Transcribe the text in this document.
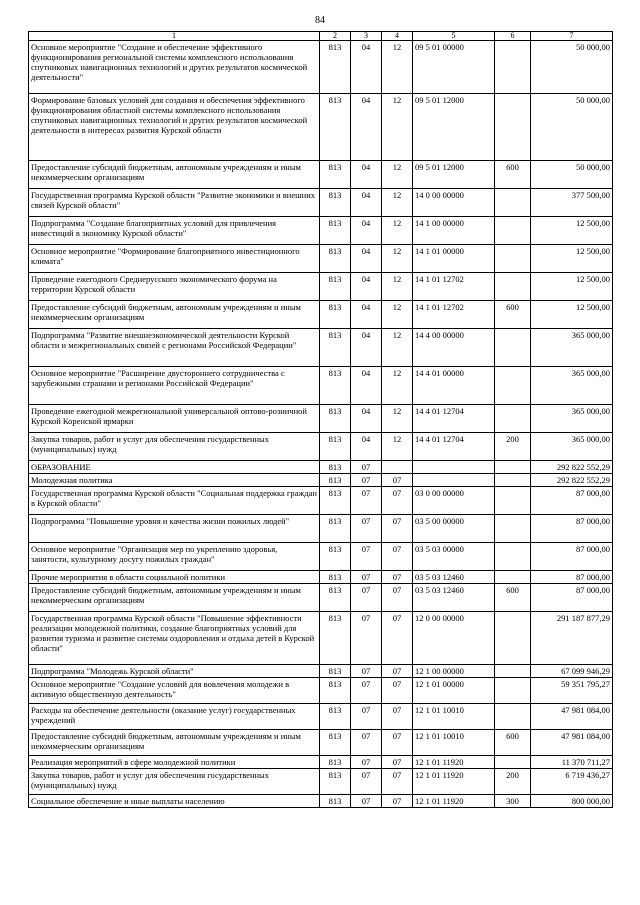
84
1	2	3	4	5	6	7
Основное мероприятие "Создание и обеспечение эффективного функционирования региональной системы комплексного использования спутниковых навигационных технологий и других результатов космической деятельности"	813	04	12	09 5 01 00000		50 000,00
Формирование базовых условий для создания и обеспечения эффективного функционирования областной системы комплексного использования спутниковых навигационных технологий и других результатов космической деятельности в интересах развития Курской области	813	04	12	09 5 01 12000		50 000,00
Предоставление субсидий бюджетным, автономным учреждениям и иным некоммерческим организациям	813	04	12	09 5 01 12000	600	50 000,00
Государственная программа Курской области "Развитие экономики и внешних связей Курской области"	813	04	12	14 0 00 00000		377 500,00
Подпрограмма "Создание благоприятных условий для привлечения инвестиций в экономику Курской области"	813	04	12	14 1 00 00000		12 500,00
Основное мероприятие "Формирование благоприятного инвестиционного климата"	813	04	12	14 1 01 00000		12 500,00
Проведение ежегодного Среднерусского экономического форума на территории Курской области	813	04	12	14 1 01 12702		12 500,00
Предоставление субсидий бюджетным, автономным учреждениям и иным некоммерческим организациям	813	04	12	14 1 01 12702	600	12 500,00
Подпрограмма "Развитие внешнеэкономической деятельности Курской области и межрегиональных связей с регионами Российской Федерации"	813	04	12	14 4 00 00000		365 000,00
Основное мероприятие "Расширение двустороннего сотрудничества с зарубежными странами и регионами Российской Федерации"	813	04	12	14 4 01 00000		365 000,00
Проведение ежегодной межрегиональной универсальной оптово-розничной Курской Коренской ярмарки	813	04	12	14 4 01 12704		365 000,00
Закупка товаров, работ и услуг для обеспечения государственных (муниципальных) нужд	813	04	12	14 4 01 12704	200	365 000,00
ОБРАЗОВАНИЕ	813	07				292 822 552,29
Молодежная политика	813	07	07			292 822 552,29
Государственная программа Курской области "Социальная поддержка граждан в Курской области"	813	07	07	03 0 00 00000		87 000,00
Подпрограмма "Повышение уровня и качества жизни пожилых людей"	813	07	07	03 5 00 00000		87 000,00
Основное мероприятие "Организация мер по укреплению здоровья, занятости, культурному досугу пожилых граждан"	813	07	07	03 5 03 00000		87 000,00
Прочие мероприятия в области социальной политики	813	07	07	03 5 03 12460		87 000,00
Предоставление субсидий бюджетным, автономным учреждениям и иным некоммерческим организациям	813	07	07	03 5 03 12460	600	87 000,00
Государственная программа Курской области "Повышение эффективности реализации молодежной политики, создание благоприятных условий для развития туризма и развитие системы оздоровления и отдыха детей в Курской области"	813	07	07	12 0 00 00000		291 187 877,29
Подпрограмма "Молодежь Курской области"	813	07	07	12 1 00 00000		67 099 946,29
Основное мероприятие "Создание условий для вовлечения молодежи в активную общественную деятельность"	813	07	07	12 1 01 00000		59 351 795,27
Расходы на обеспечение деятельности (оказание услуг) государственных учреждений	813	07	07	12 1 01 10010		47 981 084,00
Предоставление субсидий бюджетным, автономным учреждениям и иным некоммерческим организациям	813	07	07	12 1 01 10010	600	47 981 084,00
Реализация мероприятий в сфере молодежной политики	813	07	07	12 1 01 11920		11 370 711,27
Закупка товаров, работ и услуг для обеспечения государственных (муниципальных) нужд	813	07	07	12 1 01 11920	200	6 719 436,27
Социальное обеспечение и иные выплаты населению	813	07	07	12 1 01 11920	300	800 000,00
